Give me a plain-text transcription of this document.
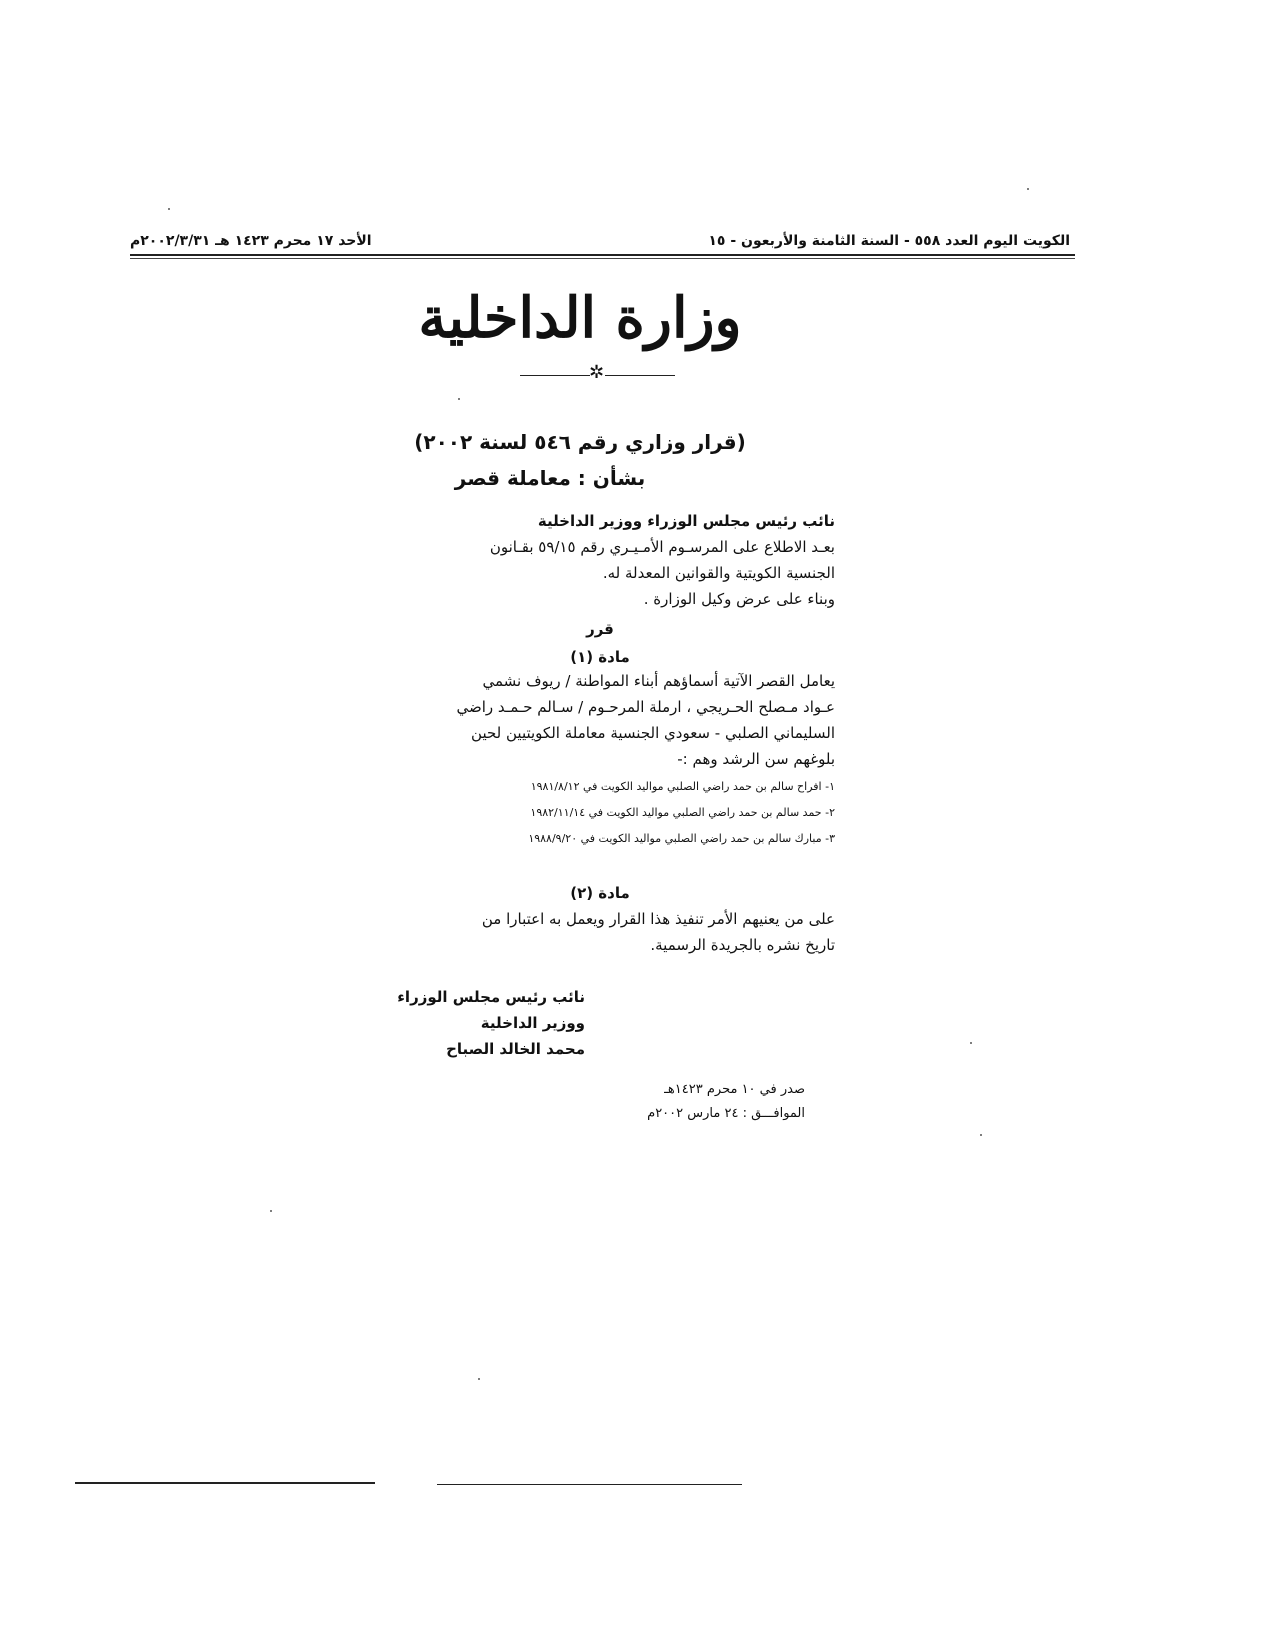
الكويت اليوم العدد ٥٥٨ - السنة الثامنة والأربعون - ١٥
الأحد ١٧ محرم ١٤٢٣ هـ ٢٠٠٢/٣/٣١م
وزارة الداخلية
✲
(قرار وزاري رقم ٥٤٦ لسنة ٢٠٠٢)
بشأن : معاملة قصر
نائب رئيس مجلس الوزراء ووزير الداخلية
بعـد الاطلاع على المرسـوم الأمـيـري رقم ٥٩/١٥ بقـانون
الجنسية الكويتية والقوانين المعدلة له.
وبناء على عرض وكيل الوزارة .
قرر
مادة (١)
يعامل القصر الآتية أسماؤهم أبناء المواطنة / ريوف نشمي
عـواد مـصلح الحـريجي ، ارملة المرحـوم / سـالم حـمـد راضي
السليماني الصلبي - سعودي الجنسية معاملة الكويتيين لحين
بلوغهم سن الرشد وهم :-
١- افراح سالم بن حمد راضي الصلبي مواليد الكويت في ١٩٨١/٨/١٢
٢- حمد سالم بن حمد راضي الصلبي مواليد الكويت في ١٩٨٢/١١/١٤
٣- مبارك سالم بن حمد راضي الصلبي مواليد الكويت في ١٩٨٨/٩/٢٠
مادة (٢)
على من يعنيهم الأمر تنفيذ هذا القرار ويعمل به اعتبارا من
تاريخ نشره بالجريدة الرسمية.
نائب رئيس مجلس الوزراء
ووزير الداخلية
محمد الخالد الصباح
صدر في ١٠ محرم ١٤٢٣هـ
الموافـــق : ٢٤ مارس ٢٠٠٢م
